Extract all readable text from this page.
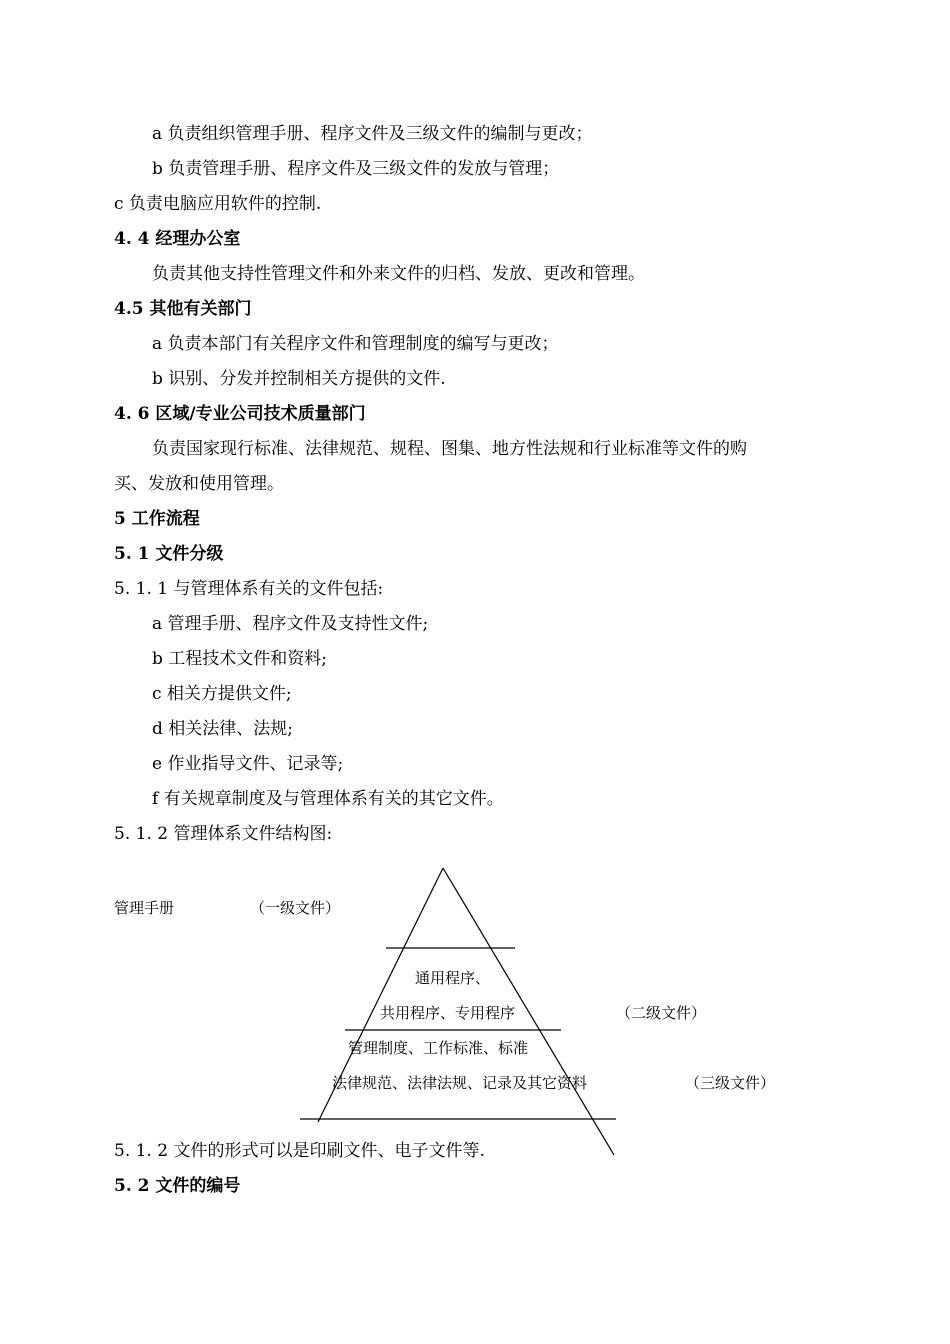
a 负责组织管理手册、程序文件及三级文件的编制与更改；
b 负责管理手册、程序文件及三级文件的发放与管理；
c 负责电脑应用软件的控制.
4. 4 经理办公室
负责其他支持性管理文件和外来文件的归档、发放、更改和管理。
4.5 其他有关部门
a 负责本部门有关程序文件和管理制度的编写与更改；
b 识别、分发并控制相关方提供的文件.
4. 6 区域/专业公司技术质量部门
负责国家现行标准、法律规范、规程、图集、地方性法规和行业标准等文件的购
买、发放和使用管理。
5 工作流程
5. 1 文件分级
5. 1. 1 与管理体系有关的文件包括:
a 管理手册、程序文件及支持性文件;
b 工程技术文件和资料;
c 相关方提供文件;
d 相关法律、法规;
e 作业指导文件、记录等;
f 有关规章制度及与管理体系有关的其它文件。
5. 1. 2 管理体系文件结构图:
管理手册	（一级文件）
通用程序、
共用程序、专用程序	（二级文件）
管理制度、工作标准、标准
法律规范、法律法规、记录及其它资料	（三级文件）
5. 1. 2 文件的形式可以是印刷文件、电子文件等.
5. 2 文件的编号
